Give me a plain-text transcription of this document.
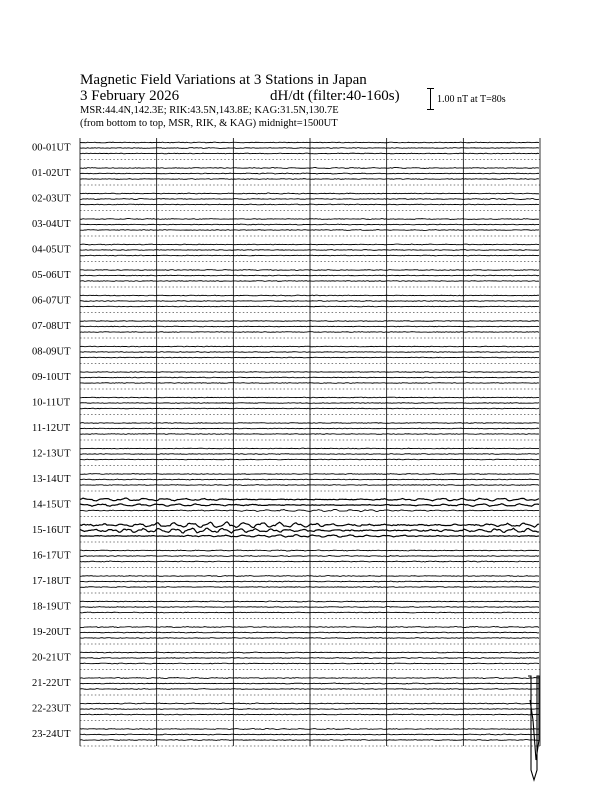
Magnetic Field Variations at 3 Stations in Japan
3 February 2026	dH/dt (filter:40-160s)
MSR:44.4N,142.3E; RIK:43.5N,143.8E; KAG:31.5N,130.7E
(from bottom to top, MSR, RIK, & KAG) midnight=1500UT
1.00 nT at T=80s
00-01UT
01-02UT
02-03UT
03-04UT
04-05UT
05-06UT
06-07UT
07-08UT
08-09UT
09-10UT
10-11UT
11-12UT
12-13UT
13-14UT
14-15UT
15-16UT
16-17UT
17-18UT
18-19UT
19-20UT
20-21UT
21-22UT
22-23UT
23-24UT
